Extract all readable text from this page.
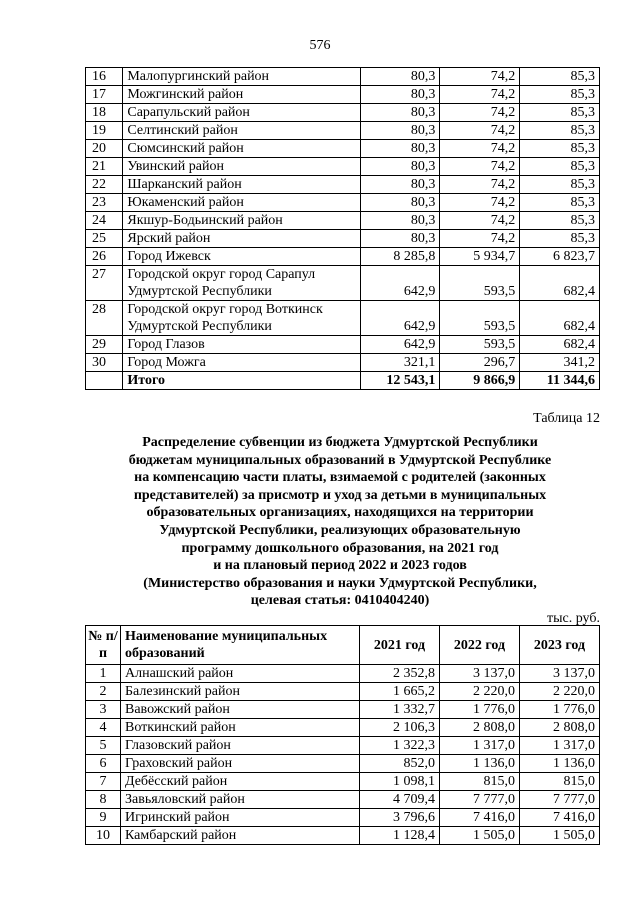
576
16	Малопургинский район	80,3	74,2	85,3
17	Можгинский район	80,3	74,2	85,3
18	Сарапульский район	80,3	74,2	85,3
19	Селтинский район	80,3	74,2	85,3
20	Сюмсинский район	80,3	74,2	85,3
21	Увинский район	80,3	74,2	85,3
22	Шарканский район	80,3	74,2	85,3
23	Юкаменский район	80,3	74,2	85,3
24	Якшур-Бодьинский район	80,3	74,2	85,3
25	Ярский район	80,3	74,2	85,3
26	Город Ижевск	8 285,8	5 934,7	6 823,7
27	Городской округ город Сарапул Удмуртской Республики	642,9	593,5	682,4
28	Городской округ город Воткинск Удмуртской Республики	642,9	593,5	682,4
29	Город Глазов	642,9	593,5	682,4
30	Город Можга	321,1	296,7	341,2
	Итого	12 543,1	9 866,9	11 344,6
Таблица 12
Распределение субвенции из бюджета Удмуртской Республики
бюджетам муниципальных образований в Удмуртской Республике
на компенсацию части платы, взимаемой с родителей (законных
представителей) за присмотр и уход за детьми в муниципальных
образовательных организациях, находящихся на территории
Удмуртской Республики, реализующих образовательную
программу дошкольного образования, на 2021 год
и на плановый период 2022 и 2023 годов
(Министерство образования и науки Удмуртской Республики,
целевая статья: 0410404240)
тыс. руб.
№ п/п	Наименование муниципальных образований	2021 год	2022 год	2023 год
1	Алнашский район	2 352,8	3 137,0	3 137,0
2	Балезинский район	1 665,2	2 220,0	2 220,0
3	Вавожский район	1 332,7	1 776,0	1 776,0
4	Воткинский район	2 106,3	2 808,0	2 808,0
5	Глазовский район	1 322,3	1 317,0	1 317,0
6	Граховский район	852,0	1 136,0	1 136,0
7	Дебёсский район	1 098,1	815,0	815,0
8	Завьяловский район	4 709,4	7 777,0	7 777,0
9	Игринский район	3 796,6	7 416,0	7 416,0
10	Камбарский район	1 128,4	1 505,0	1 505,0
